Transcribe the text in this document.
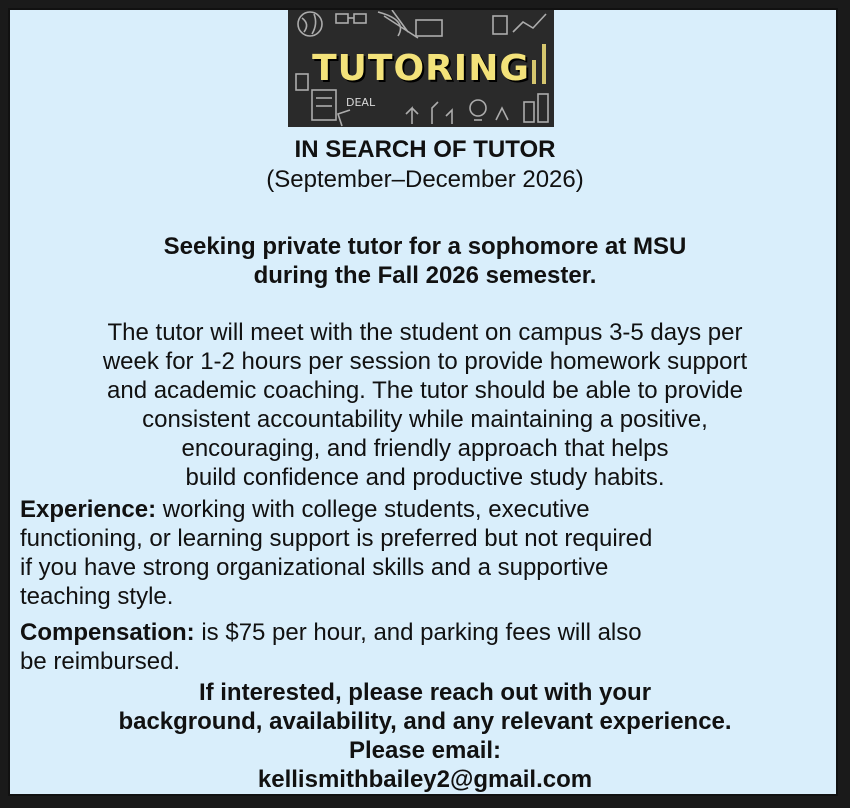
DEAL
TUTORING
IN SEARCH OF TUTOR
(September–December 2026)
Seeking private tutor for a sophomore at MSU
during the Fall 2026 semester.
The tutor will meet with the student on campus 3-5 days per
week for 1-2 hours per session to provide homework support
and academic coaching. The tutor should be able to provide
consistent accountability while maintaining a positive,
encouraging, and friendly approach that helps
build confidence and productive study habits.
Experience: working with college students, executive
functioning, or learning support is preferred but not required
if you have strong organizational skills and a supportive
teaching style.
Compensation: is $75 per hour, and parking fees will also
be reimbursed.
If interested, please reach out with your
background, availability, and any relevant experience.
Please email:
kellismithbailey2@gmail.com
